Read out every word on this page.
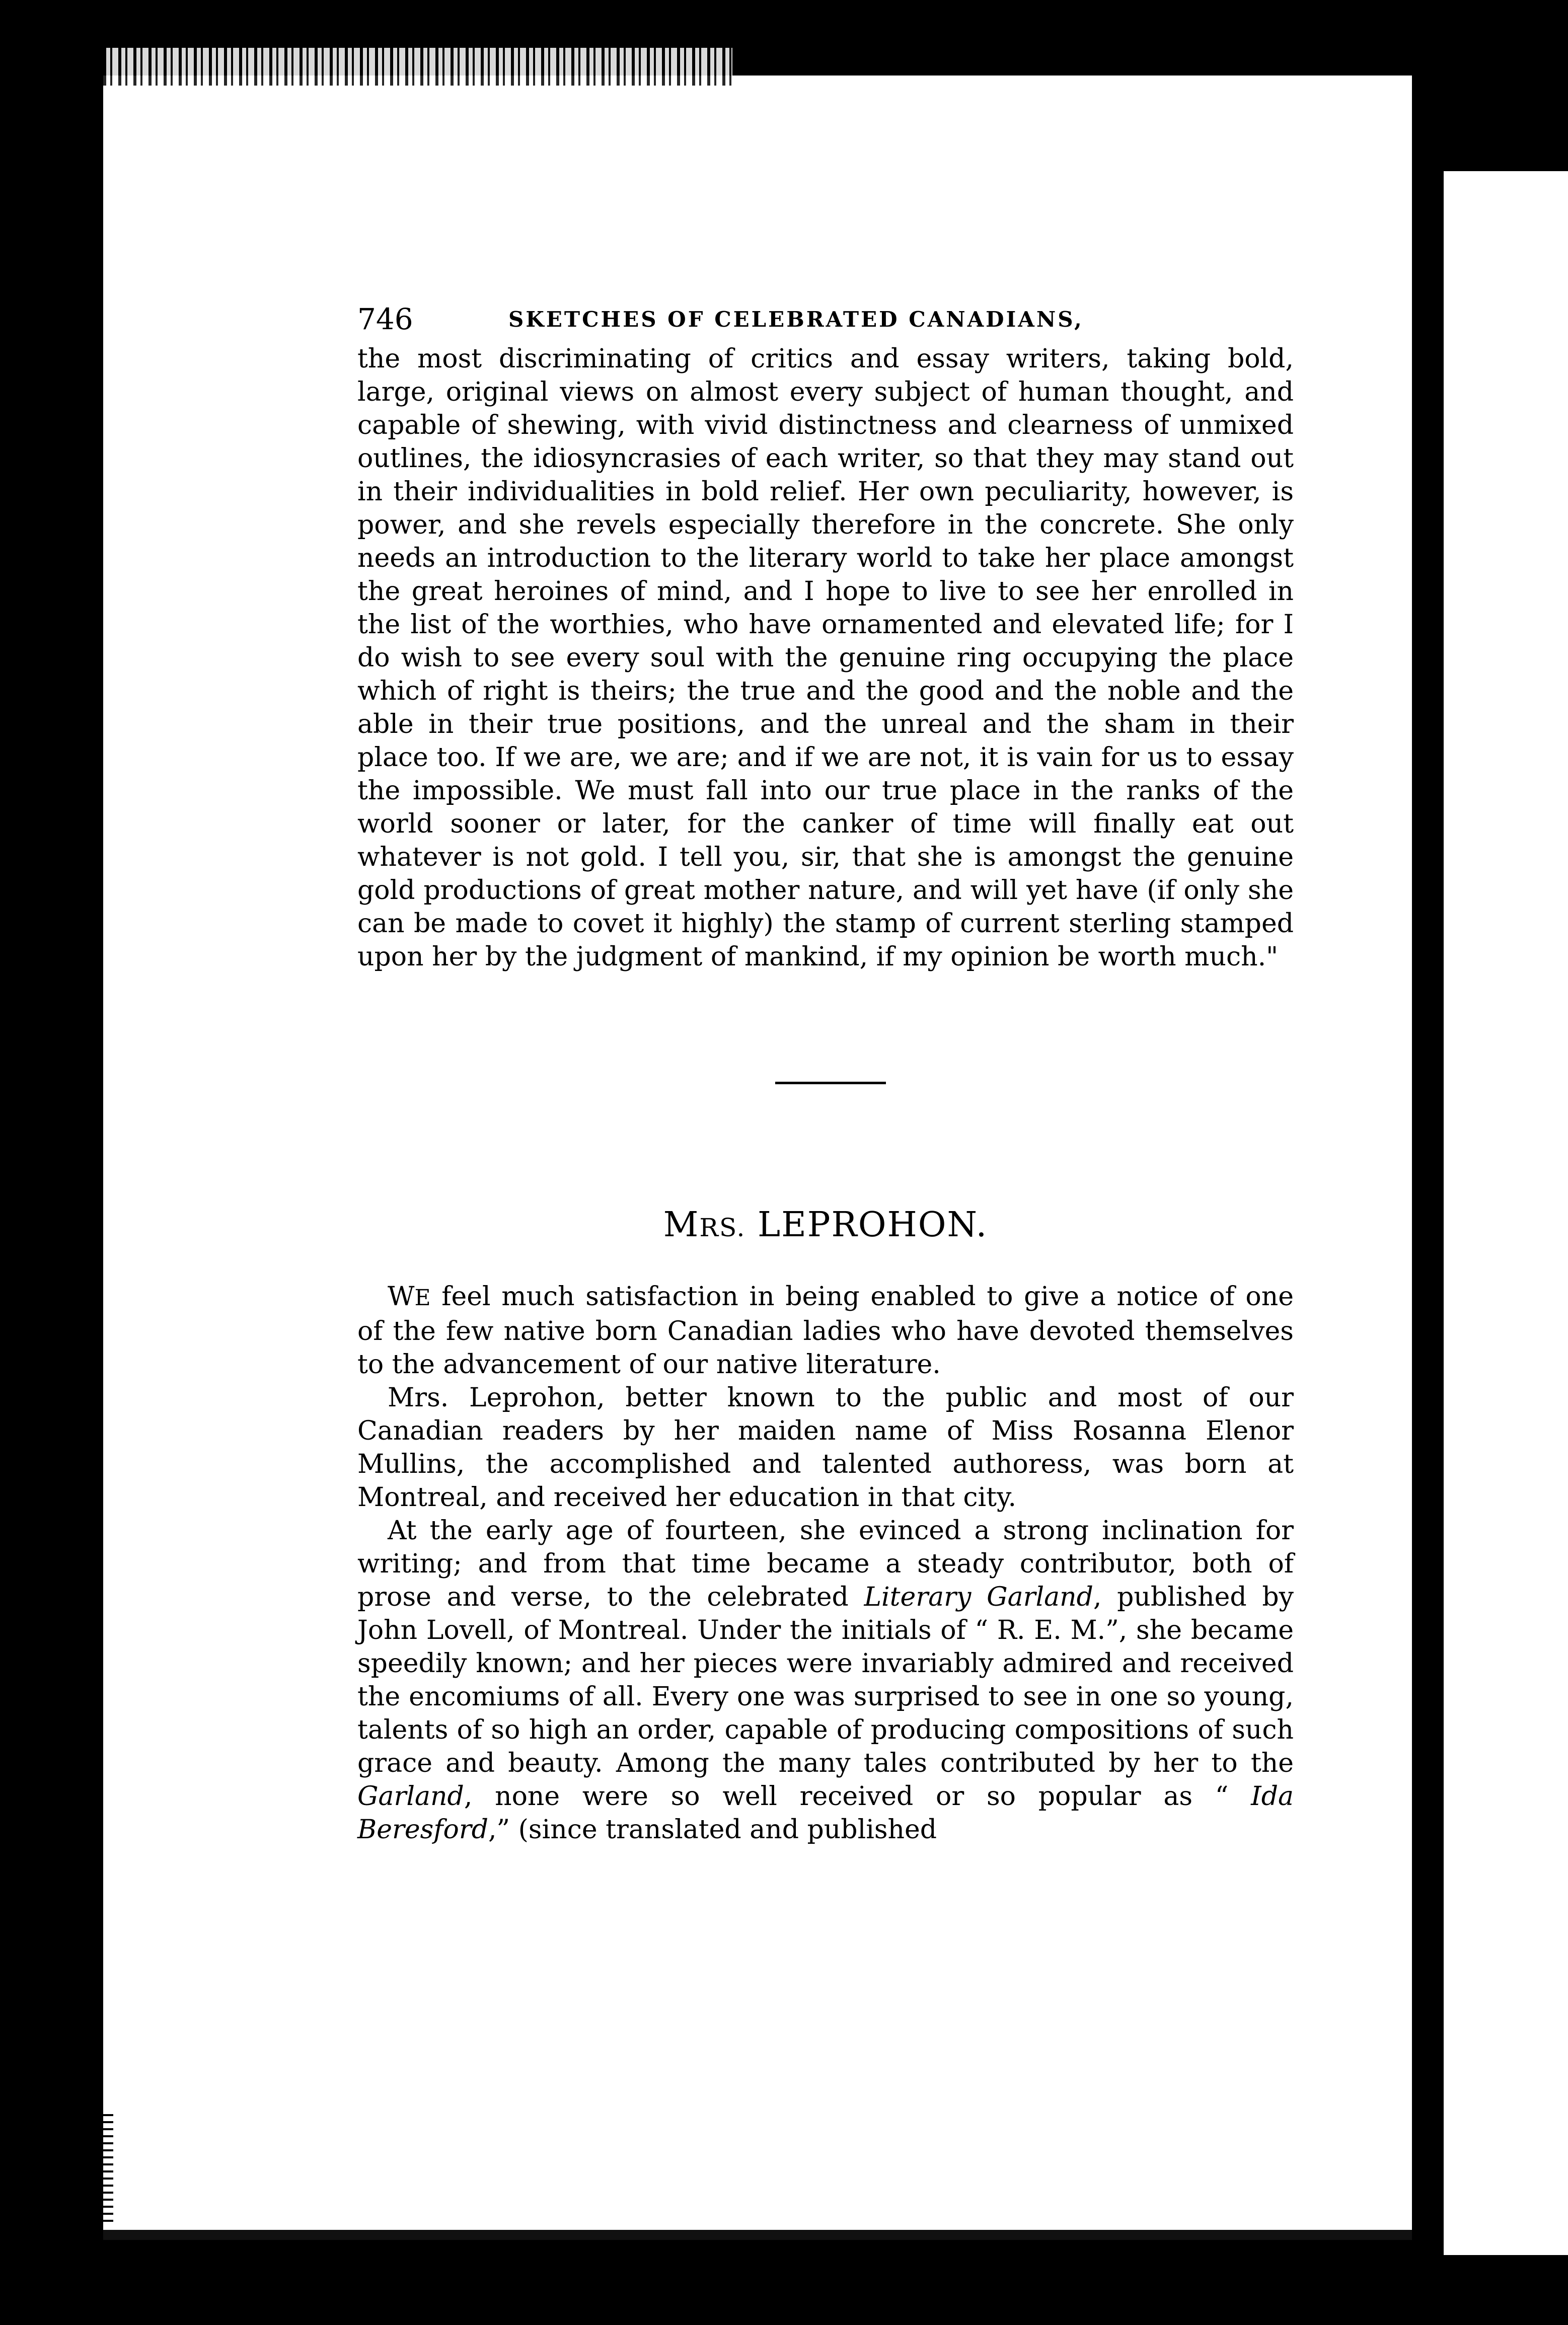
746	SKETCHES OF CELEBRATED CANADIANS,

the most discriminating of critics and essay writers, taking bold, large, original views on almost every subject of human thought, and capable of shewing, with vivid distinctness and clearness of unmixed outlines, the idiosyncrasies of each writer, so that they may stand out in their individualities in bold relief. Her own peculiarity, however, is power, and she revels especially therefore in the concrete. She only needs an introduction to the literary world to take her place amongst the great heroines of mind, and I hope to live to see her enrolled in the list of the worthies, who have ornamented and elevated life; for I do wish to see every soul with the genuine ring occupying the place which of right is theirs; the true and the good and the noble and the able in their true positions, and the unreal and the sham in their place too. If we are, we are; and if we are not, it is vain for us to essay the impossible. We must fall into our true place in the ranks of the world sooner or later, for the canker of time will finally eat out whatever is not gold. I tell you, sir, that she is amongst the genuine gold productions of great mother nature, and will yet have (if only she can be made to covet it highly) the stamp of current sterling stamped upon her by the judgment of mankind, if my opinion be worth much."

MRS. LEPROHON.

WE feel much satisfaction in being enabled to give a notice of one of the few native born Canadian ladies who have devoted themselves to the advancement of our native literature.

Mrs. Leprohon, better known to the public and most of our Canadian readers by her maiden name of Miss Rosanna Elenor Mullins, the accomplished and talented authoress, was born at Montreal, and received her education in that city.

At the early age of fourteen, she evinced a strong inclination for writing; and from that time became a steady contributor, both of prose and verse, to the celebrated Literary Garland, published by John Lovell, of Montreal. Under the initials of “ R. E. M.”, she became speedily known; and her pieces were invariably admired and received the encomiums of all. Every one was surprised to see in one so young, talents of so high an order, capable of producing compositions of such grace and beauty. Among the many tales contributed by her to the Garland, none were so well received or so popular as “ Ida Beresford,” (since translated and published
